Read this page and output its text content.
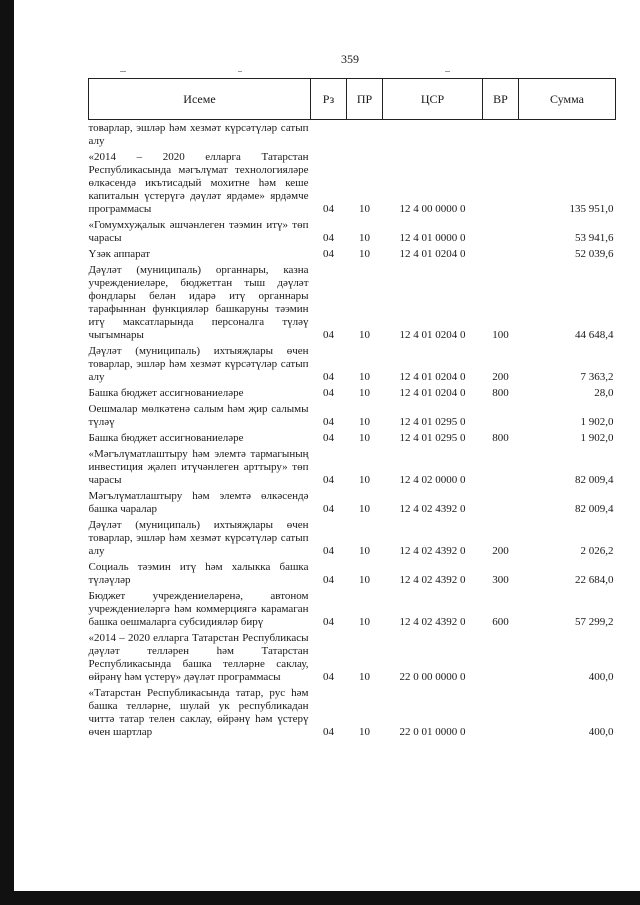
359
Исеме	Рз	ПР	ЦСР	ВР	Сумма
товарлар, эшләр һәм хезмәт күрсәтүләр сатып алу					
«2014 – 2020 елларга Татарстан Республикасында мәгълүмат технологияләре өлкәсендә икътисадый мохитне һәм кеше капиталын үстерүгә дәүләт ярдәме» ярдәмче программасы	04	10	12 4 00 0000 0		135 951,0
«Гомумхуҗалык әшчәнлеген тәэмин итү» төп чарасы	04	10	12 4 01 0000 0		53 941,6
Үзәк аппарат	04	10	12 4 01 0204 0		52 039,6
Дәүләт (муниципаль) органнары, казна учреждениеләре, бюджеттан тыш дәүләт фондлары белән идарә итү органнары тарафыннан функцияләр башкаруны тәэмин итү максатларында персоналга түләү чыгымнары	04	10	12 4 01 0204 0	100	44 648,4
Дәүләт (муниципаль) ихтыяҗлары өчен товарлар, эшләр һәм хезмәт күрсәтүләр сатып алу	04	10	12 4 01 0204 0	200	7 363,2
Башка бюджет ассигнованиеләре	04	10	12 4 01 0204 0	800	28,0
Оешмалар мөлкәтенә салым һәм җир салымы түләү	04	10	12 4 01 0295 0		1 902,0
Башка бюджет ассигнованиеләре	04	10	12 4 01 0295 0	800	1 902,0
«Мәгълүматлаштыру һәм элемтә тармагының инвестиция җәлеп итүчәнлеген арттыру» төп чарасы	04	10	12 4 02 0000 0		82 009,4
Мәгълүматлаштыру һәм элемтә өлкәсендә башка чаралар	04	10	12 4 02 4392 0		82 009,4
Дәүләт (муниципаль) ихтыяҗлары өчен товарлар, эшләр һәм хезмәт күрсәтүләр сатып алу	04	10	12 4 02 4392 0	200	2 026,2
Социаль тәэмин итү һәм халыкка башка түләүләр	04	10	12 4 02 4392 0	300	22 684,0
Бюджет учреждениеләренә, автоном учреждениеләргә һәм коммерциягә карамаган башка оешмаларга субсидияләр бирү	04	10	12 4 02 4392 0	600	57 299,2
«2014 – 2020 елларга Татарстан Республикасы дәүләт телләрен һәм Татарстан Республикасында башка телләрне саклау, өйрәнү һәм үстерү» дәүләт программасы	04	10	22 0 00 0000 0		400,0
«Татарстан Республикасында татар, рус һәм башка телләрне, шулай ук республикадан читтә татар телен саклау, өйрәнү һәм үстерү өчен шартлар	04	10	22 0 01 0000 0		400,0
